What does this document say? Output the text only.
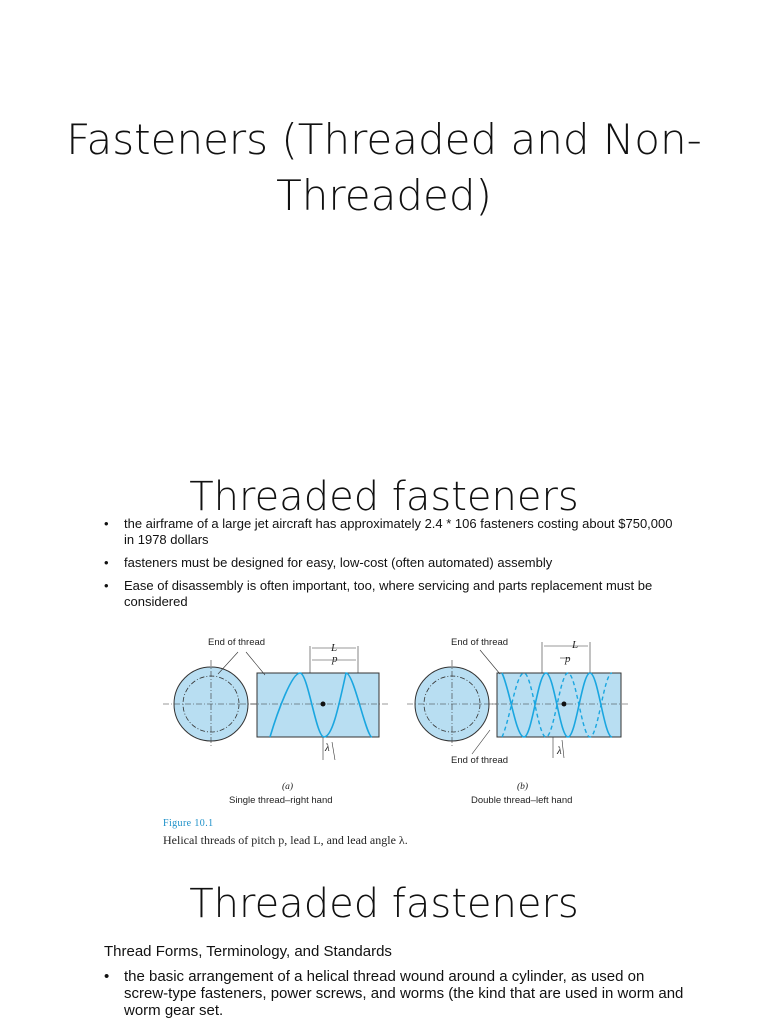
Fasteners (Threaded and Non-Threaded)
Threaded fasteners
• the airframe of a large jet aircraft has approximately 2.4 * 106 fasteners costing about $750,000 in 1978 dollars
• fasteners must be designed for easy, low-cost (often automated) assembly
• Ease of disassembly is often important, too, where servicing and parts replacement must be considered
End of thread	L
p
λ
End of thread
End of thread
L
p
λ
(a)
Single thread–right hand
(b)
Double thread–left hand
Figure 10.1
Helical threads of pitch p, lead L, and lead angle λ.
Threaded fasteners
Thread Forms, Terminology, and Standards
• the basic arrangement of a helical thread wound around a cylinder, as used on screw-type fasteners, power screws, and worms (the kind that are used in worm and worm gear set.
